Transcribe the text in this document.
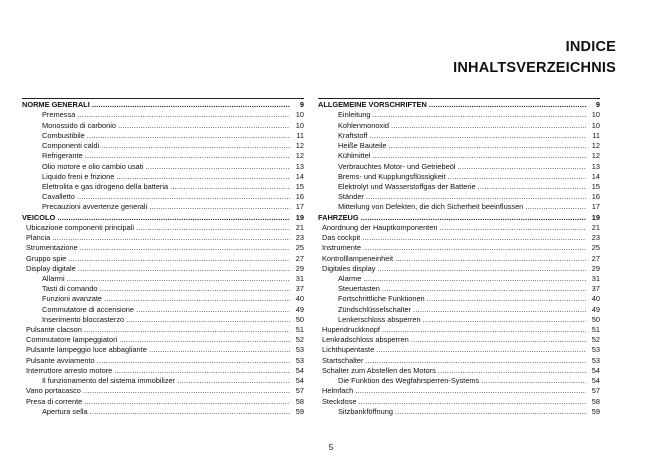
INDICE
INHALTSVERZEICHNIS
NORME GENERALI .....	9
Premessa .....	10
Monossido di carbonio .....	10
Combustibile .....	11
Componenti caldi .....	12
Refrigerante .....	12
Olio motore e olio cambio usati .....	13
Liquido freni e frizione .....	14
Elettrolita e gas idrogeno della batteria .....	15
Cavalletto .....	16
Precauzioni avvertenze generali .....	17
VEICOLO .....	19
Ubicazione componenti principali .....	21
Plancia .....	23
Strumentazione .....	25
Gruppo spie .....	27
Display digitale .....	29
Allarmi .....	31
Tasti di comando .....	37
Funzioni avanzate .....	40
Commutatore di accensione .....	49
Inserimento bloccasterzo .....	50
Pulsante clacson .....	51
Commutatore lampeggiatori .....	52
Pulsante lampeggio luce abbagliante .....	53
Pulsante avviamento .....	53
Interruttore arresto motore .....	54
Il funzionamento del sistema immobilizer .....	54
Vano portacasco .....	57
Presa di corrente .....	58
Apertura sella .....	59
ALLGEMEINE VORSCHRIFTEN .....	9
Einleitung .....	10
Kohlenmonoxid .....	10
Kraftstoff .....	11
Heiße Bauteile .....	12
Kühlmittel .....	12
Verbrauchtes Motor- und Getriebeöl .....	13
Brems- und Kupplungsflüssigkeit .....	14
Elektrolyt und Wasserstoffgas der Batterie .....	15
Ständer .....	16
Mitteilung von Defekten, die dich Sicherheit beeinflussen .....	17
FAHRZEUG .....	19
Anordnung der Hauptkomponenten .....	21
Das cockpit .....	23
Instrumente .....	25
Kontrolllampeneinheit .....	27
Digitales display .....	29
Alarme .....	31
Steuertasten .....	37
Fortschrittliche Funktionen .....	40
Zündschlüsselschalter .....	49
Lenkerschloss absperren .....	50
Hupendruckknopf .....	51
Lenkradschloss absperren .....	52
Lichthupentaste .....	53
Startschalter .....	53
Schalter zum Abstellen des Motors .....	54
Die Funktion des Wegfahrsperren-Systems .....	54
Helmfach .....	57
Steckdose .....	58
Sitzbankföffnung .....	59
5
